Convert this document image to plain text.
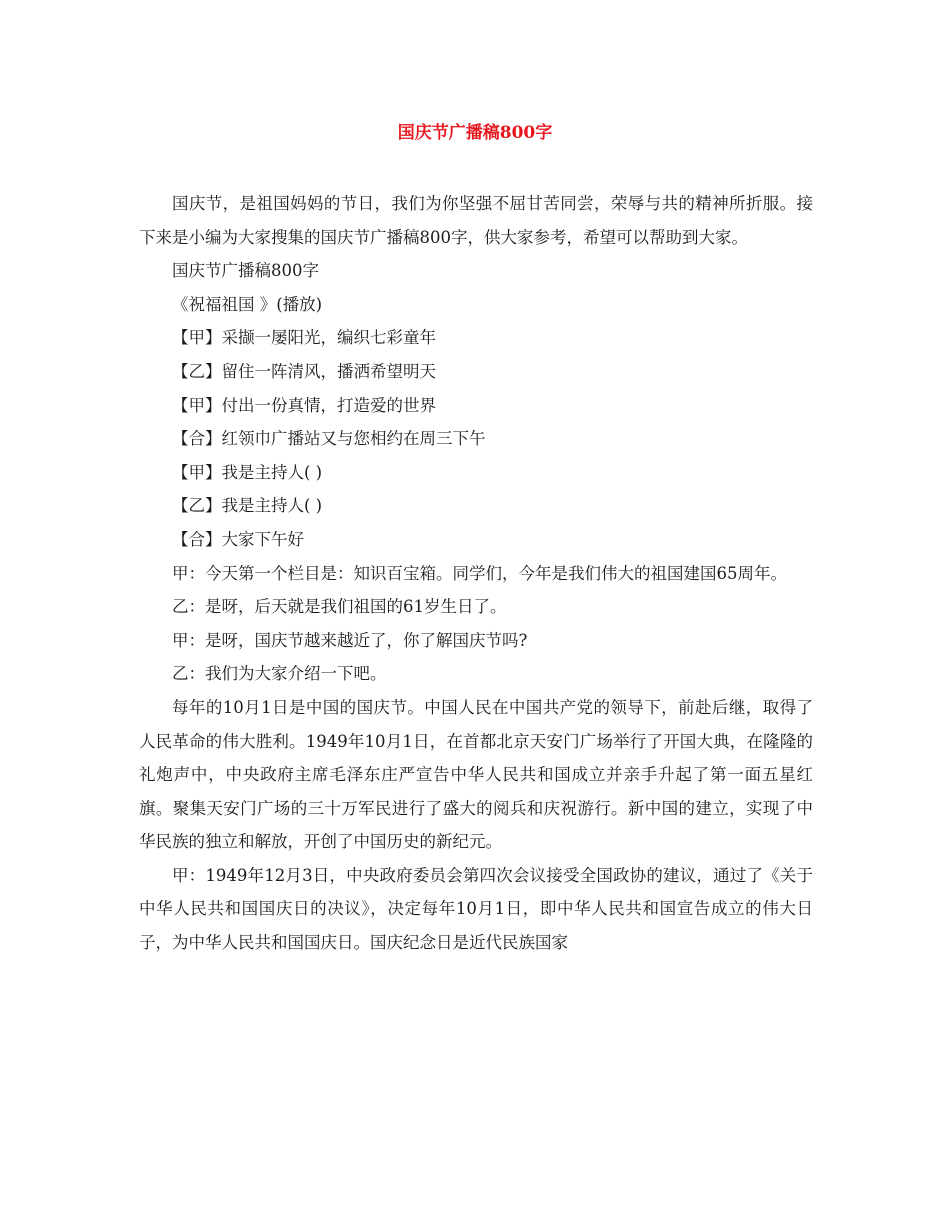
国庆节广播稿800字

国庆节，是祖国妈妈的节日，我们为你坚强不屈甘苦同尝，荣辱与共的精神所折服。接下来是小编为大家搜集的国庆节广播稿800字，供大家参考，希望可以帮助到大家。

国庆节广播稿800字

《祝福祖国 》(播放)

【甲】采撷一屡阳光，编织七彩童年

【乙】留住一阵清风，播洒希望明天

【甲】付出一份真情，打造爱的世界

【合】红领巾广播站又与您相约在周三下午

【甲】我是主持人( )

【乙】我是主持人( )

【合】大家下午好

甲：今天第一个栏目是：知识百宝箱。同学们，今年是我们伟大的祖国建国65周年。

乙：是呀，后天就是我们祖国的61岁生日了。

甲：是呀，国庆节越来越近了，你了解国庆节吗?

乙：我们为大家介绍一下吧。

每年的10月1日是中国的国庆节。中国人民在中国共产党的领导下，前赴后继，取得了人民革命的伟大胜利。1949年10月1日，在首都北京天安门广场举行了开国大典，在隆隆的礼炮声中，中央政府主席毛泽东庄严宣告中华人民共和国成立并亲手升起了第一面五星红旗。聚集天安门广场的三十万军民进行了盛大的阅兵和庆祝游行。新中国的建立，实现了中华民族的独立和解放，开创了中国历史的新纪元。

甲：1949年12月3日，中央政府委员会第四次会议接受全国政协的建议，通过了《关于中华人民共和国国庆日的决议》，决定每年10月1日，即中华人民共和国宣告成立的伟大日子，为中华人民共和国国庆日。国庆纪念日是近代民族国家
